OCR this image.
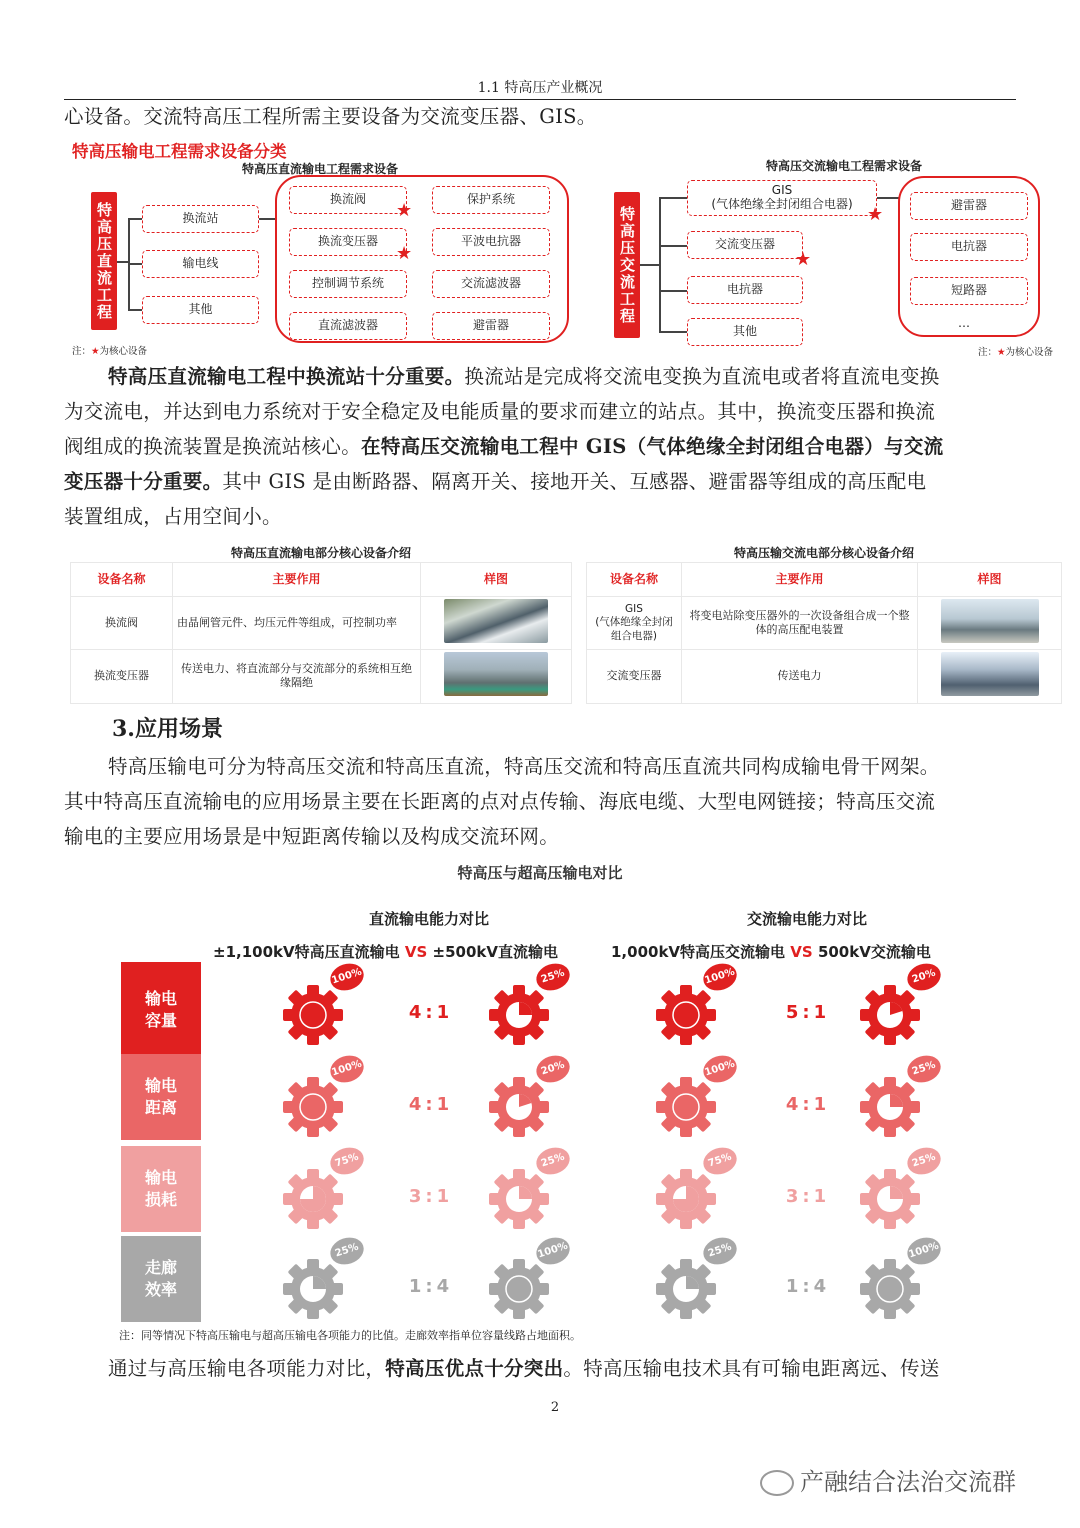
1.1 特高压产业概况
心设备。交流特高压工程所需主要设备为交流变压器、GIS。
特高压输电工程需求设备分类
特高压直流输电工程需求设备
特高压直流工程	换流站
输电线
其他
换流阀	保护系统
换流变压器	平波电抗器
控制调节系统	交流滤波器
直流滤波器	避雷器
★
★
注：★为核心设备
特高压交流输电工程需求设备
特高压交流工程
GIS
(气体绝缘全封闭组合电器)
交流变压器
电抗器
其他
★
★
避雷器
电抗器
短路器
…
注：★为核心设备
特高压直流输电工程中换流站十分重要。换流站是完成将交流电变换为直流电或者将直流电变换
为交流电，并达到电力系统对于安全稳定及电能质量的要求而建立的站点。其中，换流变压器和换流
阀组成的换流装置是换流站核心。在特高压交流输电工程中 GIS（气体绝缘全封闭组合电器）与交流
变压器十分重要。其中 GIS 是由断路器、隔离开关、接地开关、互感器、避雷器等组成的高压配电
装置组成，占用空间小。
特高压直流输电部分核心设备介绍
设备名称	主要作用	样图
换流阀	由晶闸管元件、均压元件等组成，可控制功率	
换流变压器	传送电力、将直流部分与交流部分的系统相互绝缘隔绝	
特高压输交流电部分核心设备介绍
设备名称	主要作用	样图
GIS
(气体绝缘全封闭组合电器)	将变电站除变压器外的一次设备组合成一个整体的高压配电装置	
交流变压器	传送电力	
3.应用场景
特高压输电可分为特高压交流和特高压直流，特高压交流和特高压直流共同构成输电骨干网架。
其中特高压直流输电的应用场景主要在长距离的点对点传输、海底电缆、大型电网链接；特高压交流
输电的主要应用场景是中短距离传输以及构成交流环网。
特高压与超高压输电对比
直流输电能力对比	交流输电能力对比
±1,100kV特高压直流输电 VS ±500kV直流输电	1,000kV特高压交流输电 VS 500kV交流输电
输电容量
100%	25%	100%	20%
4:1	5:1
输电距离
100%	20%	100%	25%
4:1	4:1
输电损耗
75%	25%	75%	25%
3:1	3:1
走廊效率
25%	100%	25%	100%
1:4	1:4
注：同等情况下特高压输电与超高压输电各项能力的比值。走廊效率指单位容量线路占地面积。
通过与高压输电各项能力对比，特高压优点十分突出。特高压输电技术具有可输电距离远、传送
2
产融结合法治交流群
